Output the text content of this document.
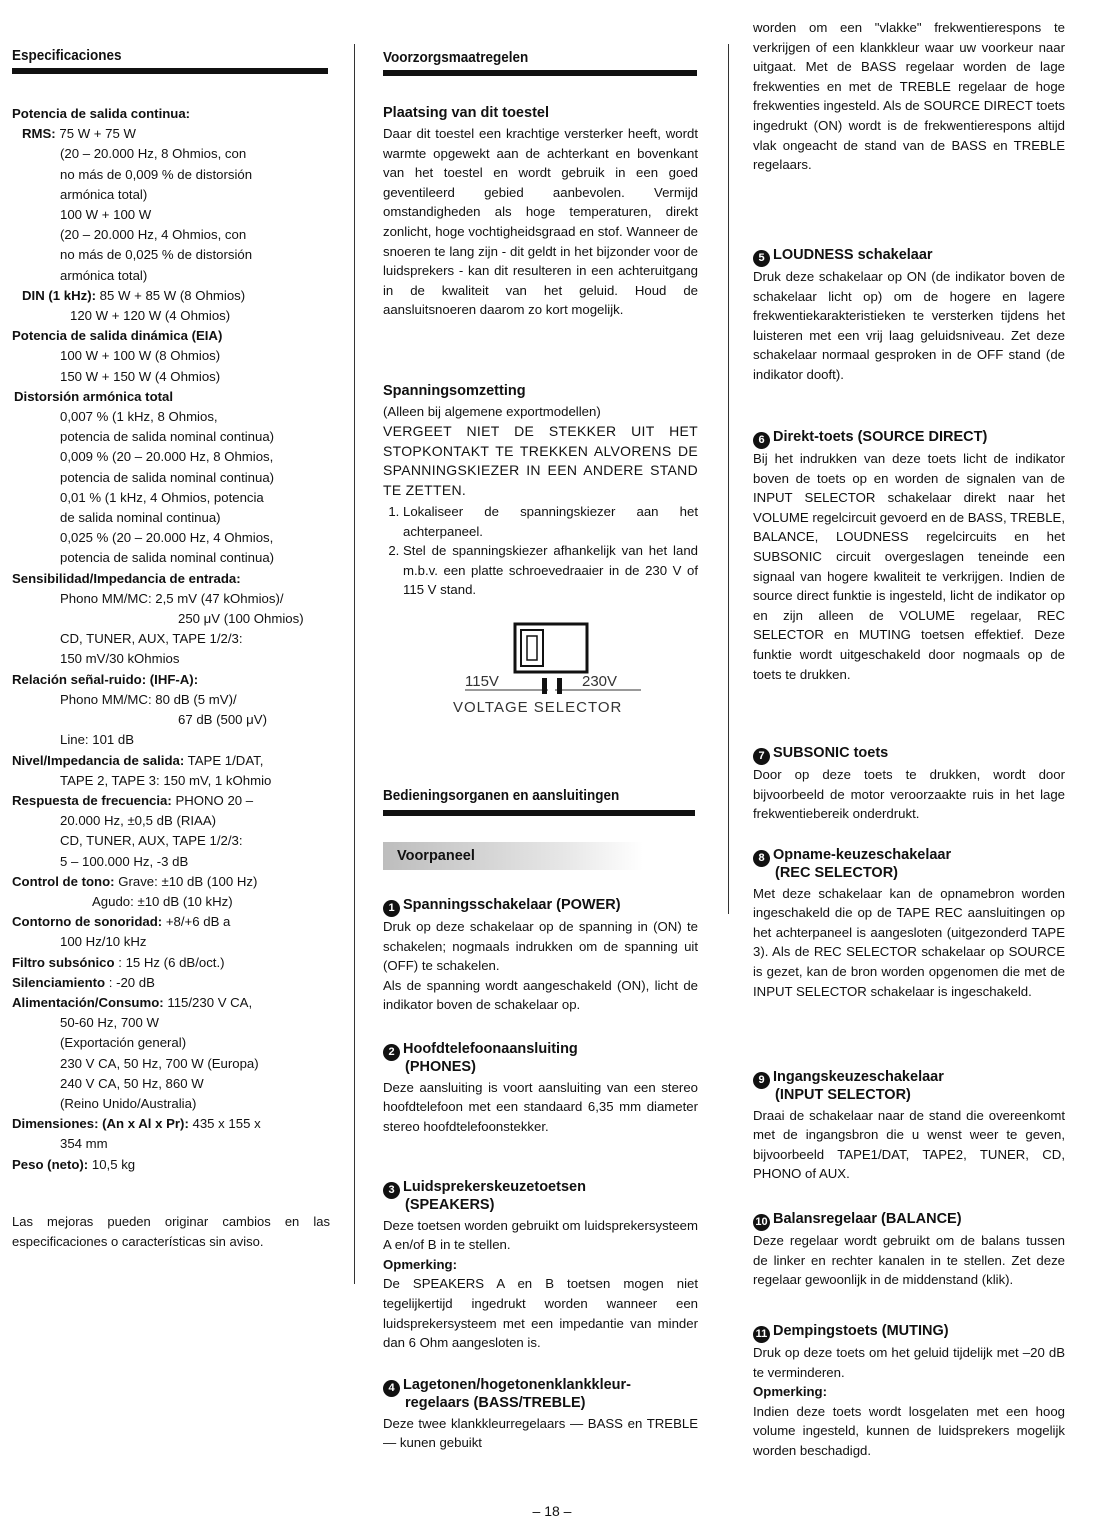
Especificaciones
Potencia de salida continua:
RMS: 75 W + 75 W
(20 – 20.000 Hz, 8 Ohmios, con
no más de 0,009 % de distorsión
armónica total)
100 W + 100 W
(20 – 20.000 Hz, 4 Ohmios, con
no más de 0,025 % de distorsión
armónica total)
DIN (1 kHz): 85 W + 85 W (8 Ohmios)
120 W + 120 W (4 Ohmios)
Potencia de salida dinámica (EIA)
100 W + 100 W (8 Ohmios)
150 W + 150 W (4 Ohmios)
Distorsión armónica total
0,007 % (1 kHz, 8 Ohmios,
potencia de salida nominal continua)
0,009 % (20 – 20.000 Hz, 8 Ohmios,
potencia de salida nominal continua)
0,01 % (1 kHz, 4 Ohmios, potencia
de salida nominal continua)
0,025 % (20 – 20.000 Hz, 4 Ohmios,
potencia de salida nominal continua)
Sensibilidad/Impedancia de entrada:
Phono MM/MC: 2,5 mV (47 kOhmios)/
250 μV (100 Ohmios)
CD, TUNER, AUX, TAPE 1/2/3:
150 mV/30 kOhmios
Relación señal-ruido: (IHF-A):
Phono MM/MC: 80 dB (5 mV)/
67 dB (500 μV)
Line: 101 dB
Nivel/Impedancia de salida: TAPE 1/DAT,
TAPE 2, TAPE 3: 150 mV, 1 kOhmio
Respuesta de frecuencia: PHONO 20 –
20.000 Hz, ±0,5 dB (RIAA)
CD, TUNER, AUX, TAPE 1/2/3:
5 – 100.000 Hz, -3 dB
Control de tono: Grave: ±10 dB (100 Hz)
Agudo: ±10 dB (10 kHz)
Contorno de sonoridad: +8/+6 dB a
100 Hz/10 kHz
Filtro subsónico : 15 Hz (6 dB/oct.)
Silenciamiento : -20 dB
Alimentación/Consumo: 115/230 V CA,
50-60 Hz, 700 W
(Exportación general)
230 V CA, 50 Hz, 700 W (Europa)
240 V CA, 50 Hz, 860 W
(Reino Unido/Australia)
Dimensiones: (An x Al x Pr): 435 x 155 x
354 mm
Peso (neto): 10,5 kg
Las mejoras pueden originar cambios en las especificaciones o características sin aviso.
Voorzorgsmaatregelen
Plaatsing van dit toestel

Daar dit toestel een krachtige versterker heeft, wordt warmte opgewekt aan de achterkant en bovenkant van het toestel en wordt gebruik in een goed geventileerd gebied aanbevolen. Vermijd omstandigheden als hoge temperaturen, direkt zonlicht, hoge vochtigheidsgraad en stof. Wanneer de snoeren te lang zijn - dit geldt in het bijzonder voor de luidsprekers - kan dit resulteren in een achteruitgang in de kwaliteit van het geluid. Houd de aansluitsnoeren daarom zo kort mogelijk.

Spanningsomzetting
(Alleen bij algemene exportmodellen)

VERGEET NIET DE STEKKER UIT HET STOPKONTAKT TE TREKKEN ALVORENS DE SPANNINGSKIEZER IN EEN ANDERE STAND TE ZETTEN.

1. Lokaliseer de spanningskiezer aan het achterpaneel.
2. Stel de spanningskiezer afhankelijk van het land m.b.v. een platte schroevedraaier in de 230 V of 115 V stand.
115V	230V
VOLTAGE SELECTOR
Bedieningsorganen en aansluitingen
Voorpaneel
1 Spanningsschakelaar (POWER)
Druk op deze schakelaar op de spanning in (ON) te schakelen; nogmaals indrukken om de spanning uit (OFF) te schakelen.
Als de spanning wordt aangeschakeld (ON), licht de indikator boven de schakelaar op.
2 Hoofdtelefoonaansluiting
(PHONES)
Deze aansluiting is voort aansluiting van een stereo hoofdtelefoon met een standaard 6,35 mm diameter stereo hoofdtelefoonstekker.
3 Luidsprekerskeuzetoetsen
(SPEAKERS)
Deze toetsen worden gebruikt om luidsprekersysteem A en/of B in te stellen.
Opmerking:
De SPEAKERS A en B toetsen mogen niet tegelijkertijd ingedrukt worden wanneer een luidsprekersysteem met een impedantie van minder dan 6 Ohm aangesloten is.
4 Lagetonen/hogetonenklankkleur-
regelaars (BASS/TREBLE)
Deze twee klankkleurregelaars — BASS en TREBLE — kunen gebuikt

worden om een "vlakke" frekwentierespons te verkrijgen of een klankkleur waar uw voorkeur naar uitgaat. Met de BASS regelaar worden de lage frekwenties en met de TREBLE regelaar de hoge frekwenties ingesteld. Als de SOURCE DIRECT toets ingedrukt (ON) wordt is de frekwentierespons altijd vlak ongeacht de stand van de BASS en TREBLE regelaars.

5 LOUDNESS schakelaar
Druk deze schakelaar op ON (de indikator boven de schakelaar licht op) om de hogere en lagere frekwentiekarakteristieken te versterken tijdens het luisteren met een vrij laag geluidsniveau. Zet deze schakelaar normaal gesproken in de OFF stand (de indikator dooft).
6 Direkt-toets (SOURCE DIRECT)
Bij het indrukken van deze toets licht de indikator boven de toets op en worden de signalen van de INPUT SELECTOR schakelaar direkt naar het VOLUME regelcircuit gevoerd en de BASS, TREBLE, BALANCE, LOUDNESS regelcircuits en het SUBSONIC circuit overgeslagen teneinde een signaal van hogere kwaliteit te verkrijgen. Indien de source direct funktie is ingesteld, licht de indikator op en zijn alleen de VOLUME regelaar, REC SELECTOR en MUTING toetsen effektief. Deze funktie wordt uitgeschakeld door nogmaals op de toets te drukken.
7 SUBSONIC toets
Door op deze toets te drukken, wordt door bijvoorbeeld de motor veroorzaakte ruis in het lage frekwentiebereik onderdrukt.
8 Opname-keuzeschakelaar
(REC SELECTOR)
Met deze schakelaar kan de opnamebron worden ingeschakeld die op de TAPE REC aansluitingen op het achterpaneel is aangesloten (uitgezonderd TAPE 3). Als de REC SELECTOR schakelaar op SOURCE is gezet, kan de bron worden opgenomen die met de INPUT SELECTOR schakelaar is ingeschakeld.
9 Ingangskeuzeschakelaar
(INPUT SELECTOR)
Draai de schakelaar naar de stand die overeenkomt met de ingangsbron die u wenst weer te geven, bijvoorbeeld TAPE1/DAT, TAPE2, TUNER, CD, PHONO of AUX.
10 Balansregelaar (BALANCE)
Deze regelaar wordt gebruikt om de balans tussen de linker en rechter kanalen in te stellen. Zet deze regelaar gewoonlijk in de middenstand (klik).
11 Dempingstoets (MUTING)
Druk op deze toets om het geluid tijdelijk met –20 dB te verminderen.
Opmerking:
Indien deze toets wordt losgelaten met een hoog volume ingesteld, kunnen de luidsprekers mogelijk worden beschadigd.
– 18 –
